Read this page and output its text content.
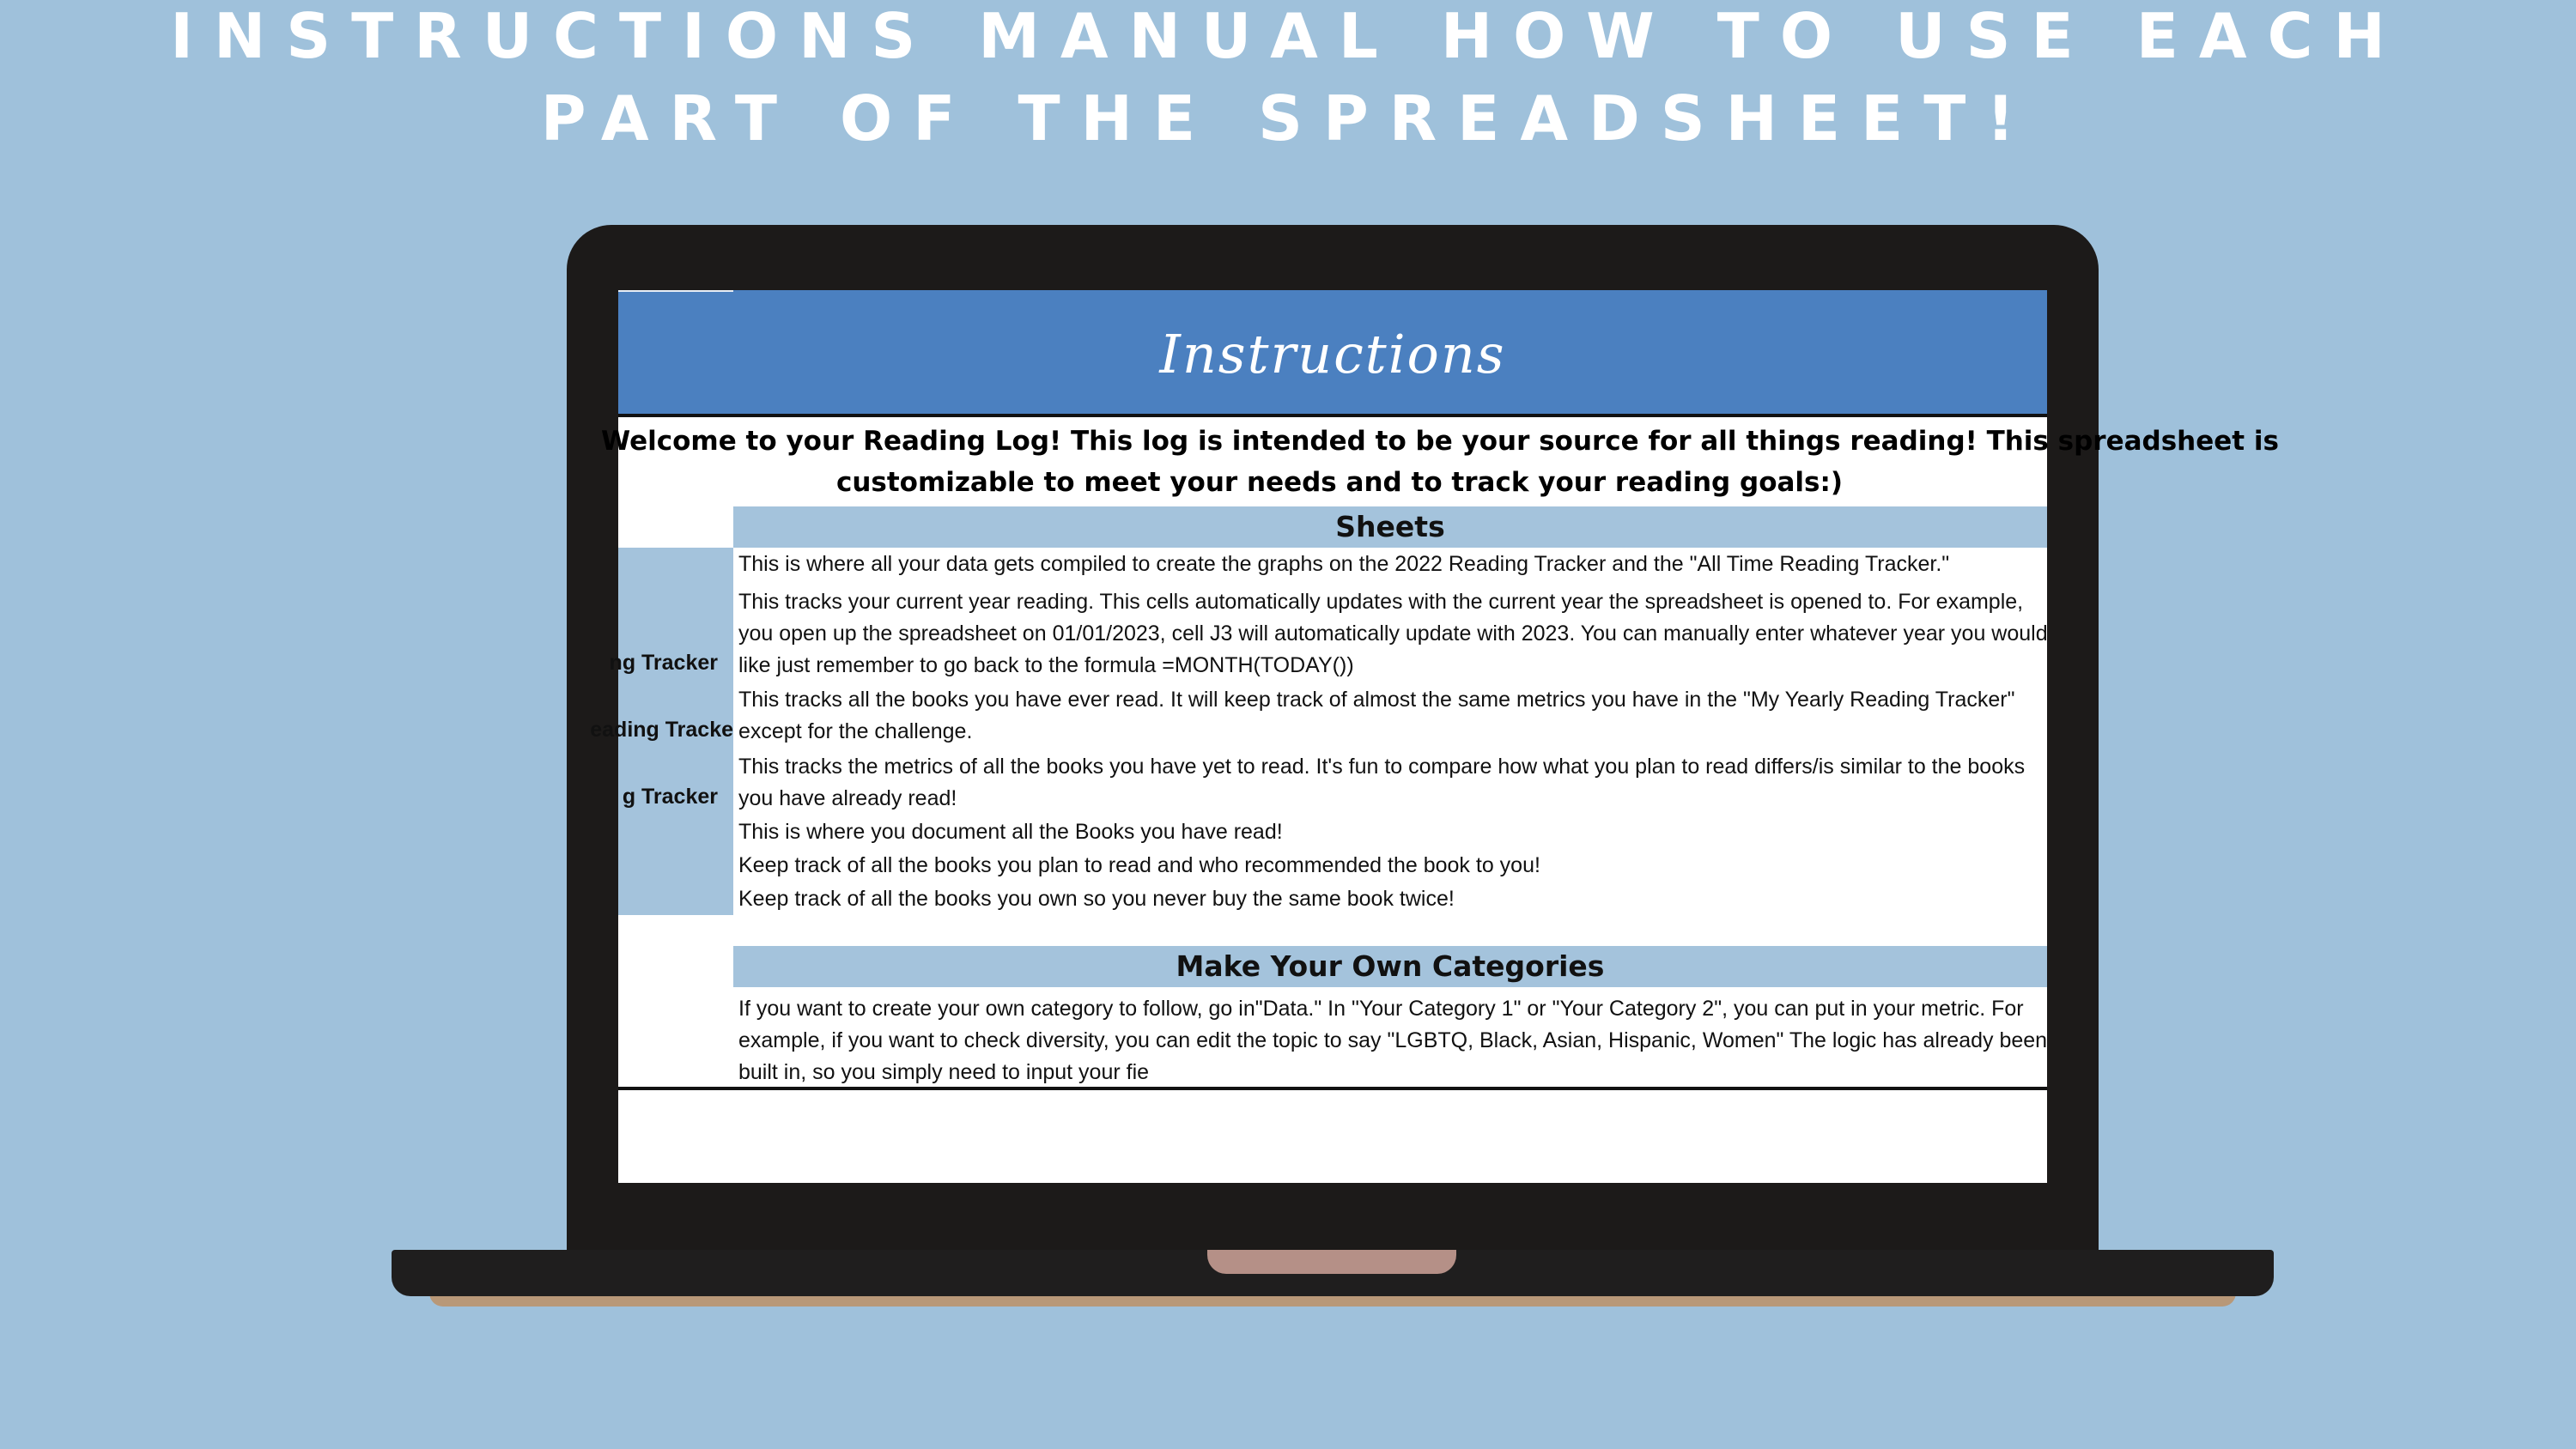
INSTRUCTIONS MANUAL HOW TO USE EACH
PART OF THE SPREADSHEET!
Instructions
Welcome to your Reading Log! This log is intended to be your source for all things reading! This spreadsheet is
customizable to meet your needs and to track your reading goals:)
Sheets
ng Tracker
eading Tracke
g Tracker
This is where all your data gets compiled to create the graphs on the 2022 Reading Tracker and the "All Time Reading Tracker."
This tracks your current year reading. This cells automatically updates with the current year the spreadsheet is opened to. For example,
you open up the spreadsheet on 01/01/2023, cell J3 will automatically update with 2023. You can manually enter whatever year you would
like just remember to go back to the formula =MONTH(TODAY())
This tracks all the books you have ever read. It will keep track of almost the same metrics you have in the "My Yearly Reading Tracker"
except for the challenge.
This tracks the metrics of all the books you have yet to read. It's fun to compare how what you plan to read differs/is similar to the books
you have already read!
This is where you document all the Books you have read!
Keep track of all the books you plan to read and who recommended the book to you!
Keep track of all the books you own so you never buy the same book twice!
Make Your Own Categories
If you want to create your own category to follow, go in"Data." In "Your Category 1" or "Your Category 2", you can put in your metric. For
example, if you want to check diversity, you can edit the topic to say "LGBTQ, Black, Asian, Hispanic, Women" The logic has already been
built in, so you simply need to input your fie
